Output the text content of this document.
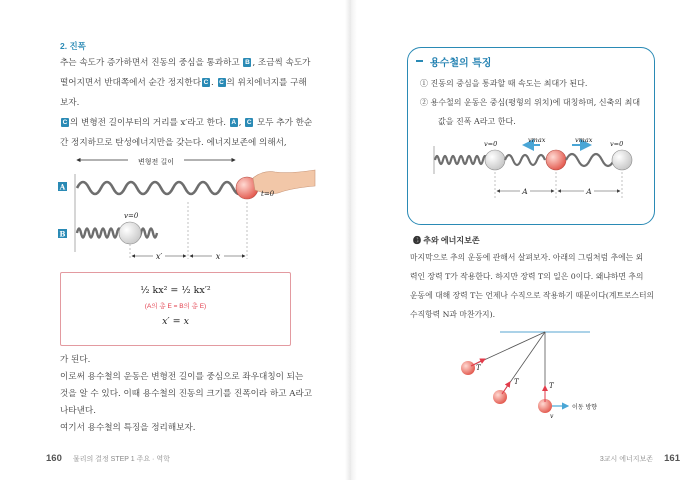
2. 진폭
추는 속도가 증가하면서 진동의 중심을 통과하고 B , 조금씩 속도가
떨어지면서 반대쪽에서 순간 정지한다 C . C 의 위치에너지를 구해
보자.
C 의 변형전 길이부터의 거리를 x′라고 한다. A , C 모두 추가 한순
간 정지하므로 탄성에너지만을 갖는다. 에너지보존에 의해서,
변형전 길이
A
t=0
B
v=0
x′	x
½ kx² = ½ kx′²
(A의 총 E = B의 총 E)
x′ = x
가 된다.
이로써 용수철의 운동은 변형전 길이를 중심으로 좌우대칭이 되는
것을 알 수 있다. 이때 용수철의 진동의 크기를 진폭이라 하고 A라고
나타낸다.
여기서 용수철의 특징을 정리해보자.
160 물리의 결정 STEP 1 주요 · 역학
용수철의 특징
① 진동의 중심을 통과할 때 속도는 최대가 된다.
② 용수철의 운동은 중심(평형의 위치)에 대칭하며, 신축의 최대
값을 진폭 A라고 한다.
v=0	vmax	vmax	v=0
A	A
❸ 추와 에너지보존
마지막으로 추의 운동에 관해서 살펴보자. 아래의 그림처럼 추에는 외
력인 장력 T가 작용한다. 하지만 장력 T의 일은 0이다. 왜냐하면 추의
운동에 대해 장력 T는 언제나 수직으로 작용하기 때문이다(계트로스터의
수직항력 N과 마찬가지).
T
T	T
v
이동 방향
3교시 에너지보존 161
